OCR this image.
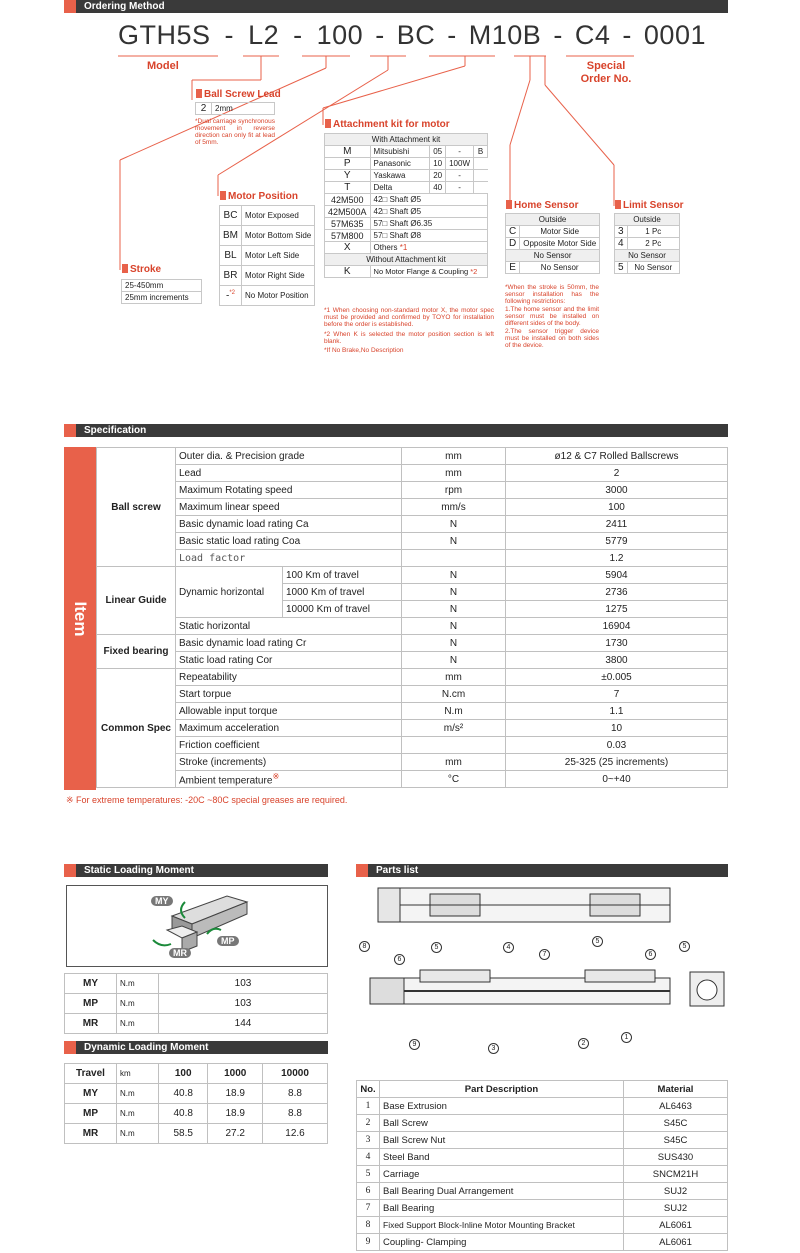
Ordering Method
GTH5S - L2 - 100 - BC - M10B - C4 - 0001
Model	Special Order No.
Ball Screw Lead
2	2mm
*Dual carriage synchronous movement in reverse direction can only fit at lead of 5mm.
Stroke
25-450mm
25mm increments
Motor Position
BC	Motor Exposed
BM	Motor Bottom Side
BL	Motor Left Side
BR	Motor Right Side
-$^{*2}$	No Motor Position
Attachment kit for motor
With Attachment kit				
M	Mitsubishi	05	-	B
P	Panasonic	10	100W	
Y	Yaskawa	20	-	
T	Delta	40	-	
42M500	42□ Shaft Ø5			
42M500A	42□ Shaft Ø5			
57M635	57□ Shaft Ø6.35			
57M800	57□ Shaft Ø8			
X	Others *1			
Without Attachment kit				
K	No Motor Flange & Coupling *2			
*1 When choosing non-standard motor X, the motor spec must be provided and confirmed by TOYO for installation before the order is established.
*2 When K is selected the motor position section is left blank.
*If No Brake,No Description
Home Sensor
Outside	
C	Motor Side
D	Opposite Motor Side
No Sensor	
E	No Sensor
*When the stroke is 50mm, the sensor installation has the following restrictions:
1.The home sensor and the limit sensor must be installed on different sides of the body.
2.The sensor trigger device must be installed on both sides of the device.
Limit Sensor
Outside	
3	1 Pc
4	2 Pc
No Sensor	
5	No Sensor
Specification
Item
Ball screw	Outer dia. & Precision grade		mm	ø12 & C7 Rolled Ballscrews
	Lead		mm	2
	Maximum Rotating speed		rpm	3000
	Maximum linear speed		mm/s	100
	Basic dynamic load rating Ca		N	2411
	Basic static load rating Coa		N	5779
	Load factor			1.2
Linear Guide	Dynamic horizontal	100 Km of travel	N	5904
		1000 Km of travel	N	2736
		10000 Km of travel	N	1275
	Static horizontal		N	16904
Fixed bearing	Basic dynamic load rating Cr		N	1730
	Static load rating Cor		N	3800
Common Spec	Repeatability		mm	±0.005
	Start torpue		N.cm	7
	Allowable input torque		N.m	1.1
	Maximum acceleration		m/s²	10
	Friction coefficient			0.03
	Stroke (increments)		mm	25-325 (25 increments)
	Ambient temperature※		°C	0~+40
※ For extreme temperatures: -20C ~80C special greases are required.
Static Loading Moment
MY
MP
MR
MY	N.m	103
MP	N.m	103
MR	N.m	144
Dynamic Loading Moment
Travel	km	100	1000	10000
MY	N.m	40.8	18.9	8.8
MP	N.m	40.8	18.9	8.8
MR	N.m	58.5	27.2	12.6
Parts list
8	5	4
5
5
6
7	6
1
2
3
9
No.	Part Description	Material
1	Base Extrusion	AL6463
2	Ball Screw	S45C
3	Ball Screw Nut	S45C
4	Steel Band	SUS430
5	Carriage	SNCM21H
6	Ball Bearing Dual Arrangement	SUJ2
7	Ball Bearing	SUJ2
8	Fixed Support Block-Inline Motor Mounting Bracket	AL6061
9	Coupling- Clamping	AL6061
